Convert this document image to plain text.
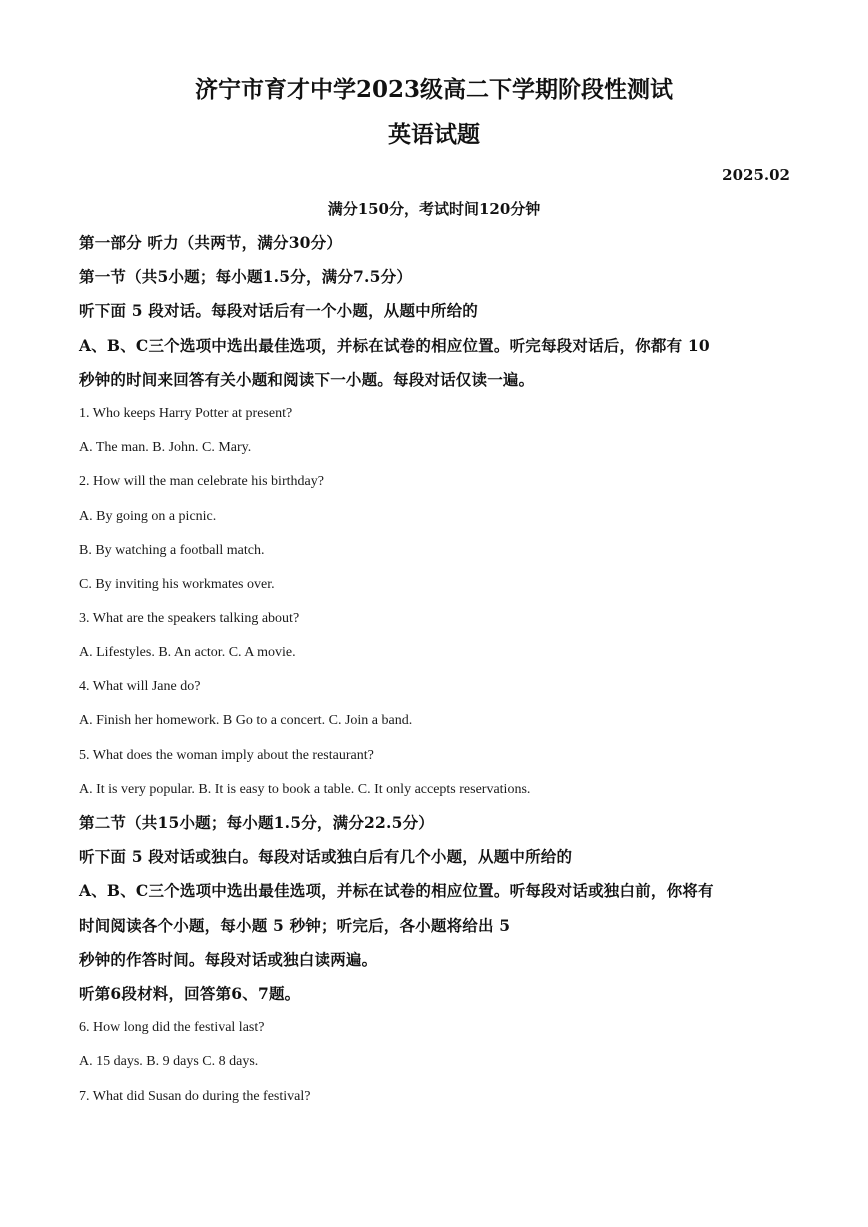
济宁市育才中学2023级高二下学期阶段性测试
英语试题
2025.02
满分150分，考试时间120分钟
第一部分 听力（共两节，满分30分）
第一节（共5小题；每小题1.5分，满分7.5分）
听下面 5 段对话。每段对话后有一个小题，从题中所给的
A、B、C三个选项中选出最佳选项，并标在试卷的相应位置。听完每段对话后，你都有 10
秒钟的时间来回答有关小题和阅读下一小题。每段对话仅读一遍。
1. Who keeps Harry Potter at present?
A. The man. B. John. C. Mary.
2. How will the man celebrate his birthday?
A. By going on a picnic.
B. By watching a football match.
C. By inviting his workmates over.
3. What are the speakers talking about?
A. Lifestyles. B. An actor. C. A movie.
4. What will Jane do?
A. Finish her homework. B Go to a concert. C. Join a band.
5. What does the woman imply about the restaurant?
A. It is very popular. B. It is easy to book a table. C. It only accepts reservations.
第二节（共15小题；每小题1.5分，满分22.5分）
听下面 5 段对话或独白。每段对话或独白后有几个小题，从题中所给的
A、B、C三个选项中选出最佳选项，并标在试卷的相应位置。听每段对话或独白前，你将有
时间阅读各个小题，每小题 5 秒钟；听完后，各小题将给出 5
秒钟的作答时间。每段对话或独白读两遍。
听第6段材料，回答第6、7题。
6. How long did the festival last?
A. 15 days. B. 9 days C. 8 days.
7. What did Susan do during the festival?
